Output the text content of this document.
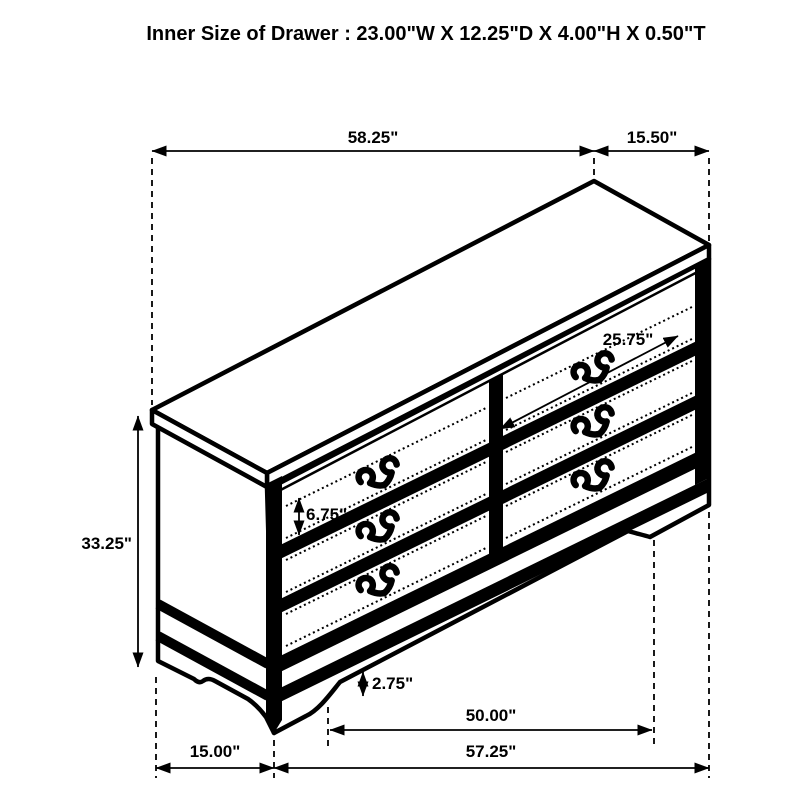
58.25"	15.50"
25.75"
6.75"
33.25"
2.75"
50.00"
15.00"	57.25"
Inner Size of Drawer : 23.00"W X 12.25"D X 4.00"H X 0.50"T
